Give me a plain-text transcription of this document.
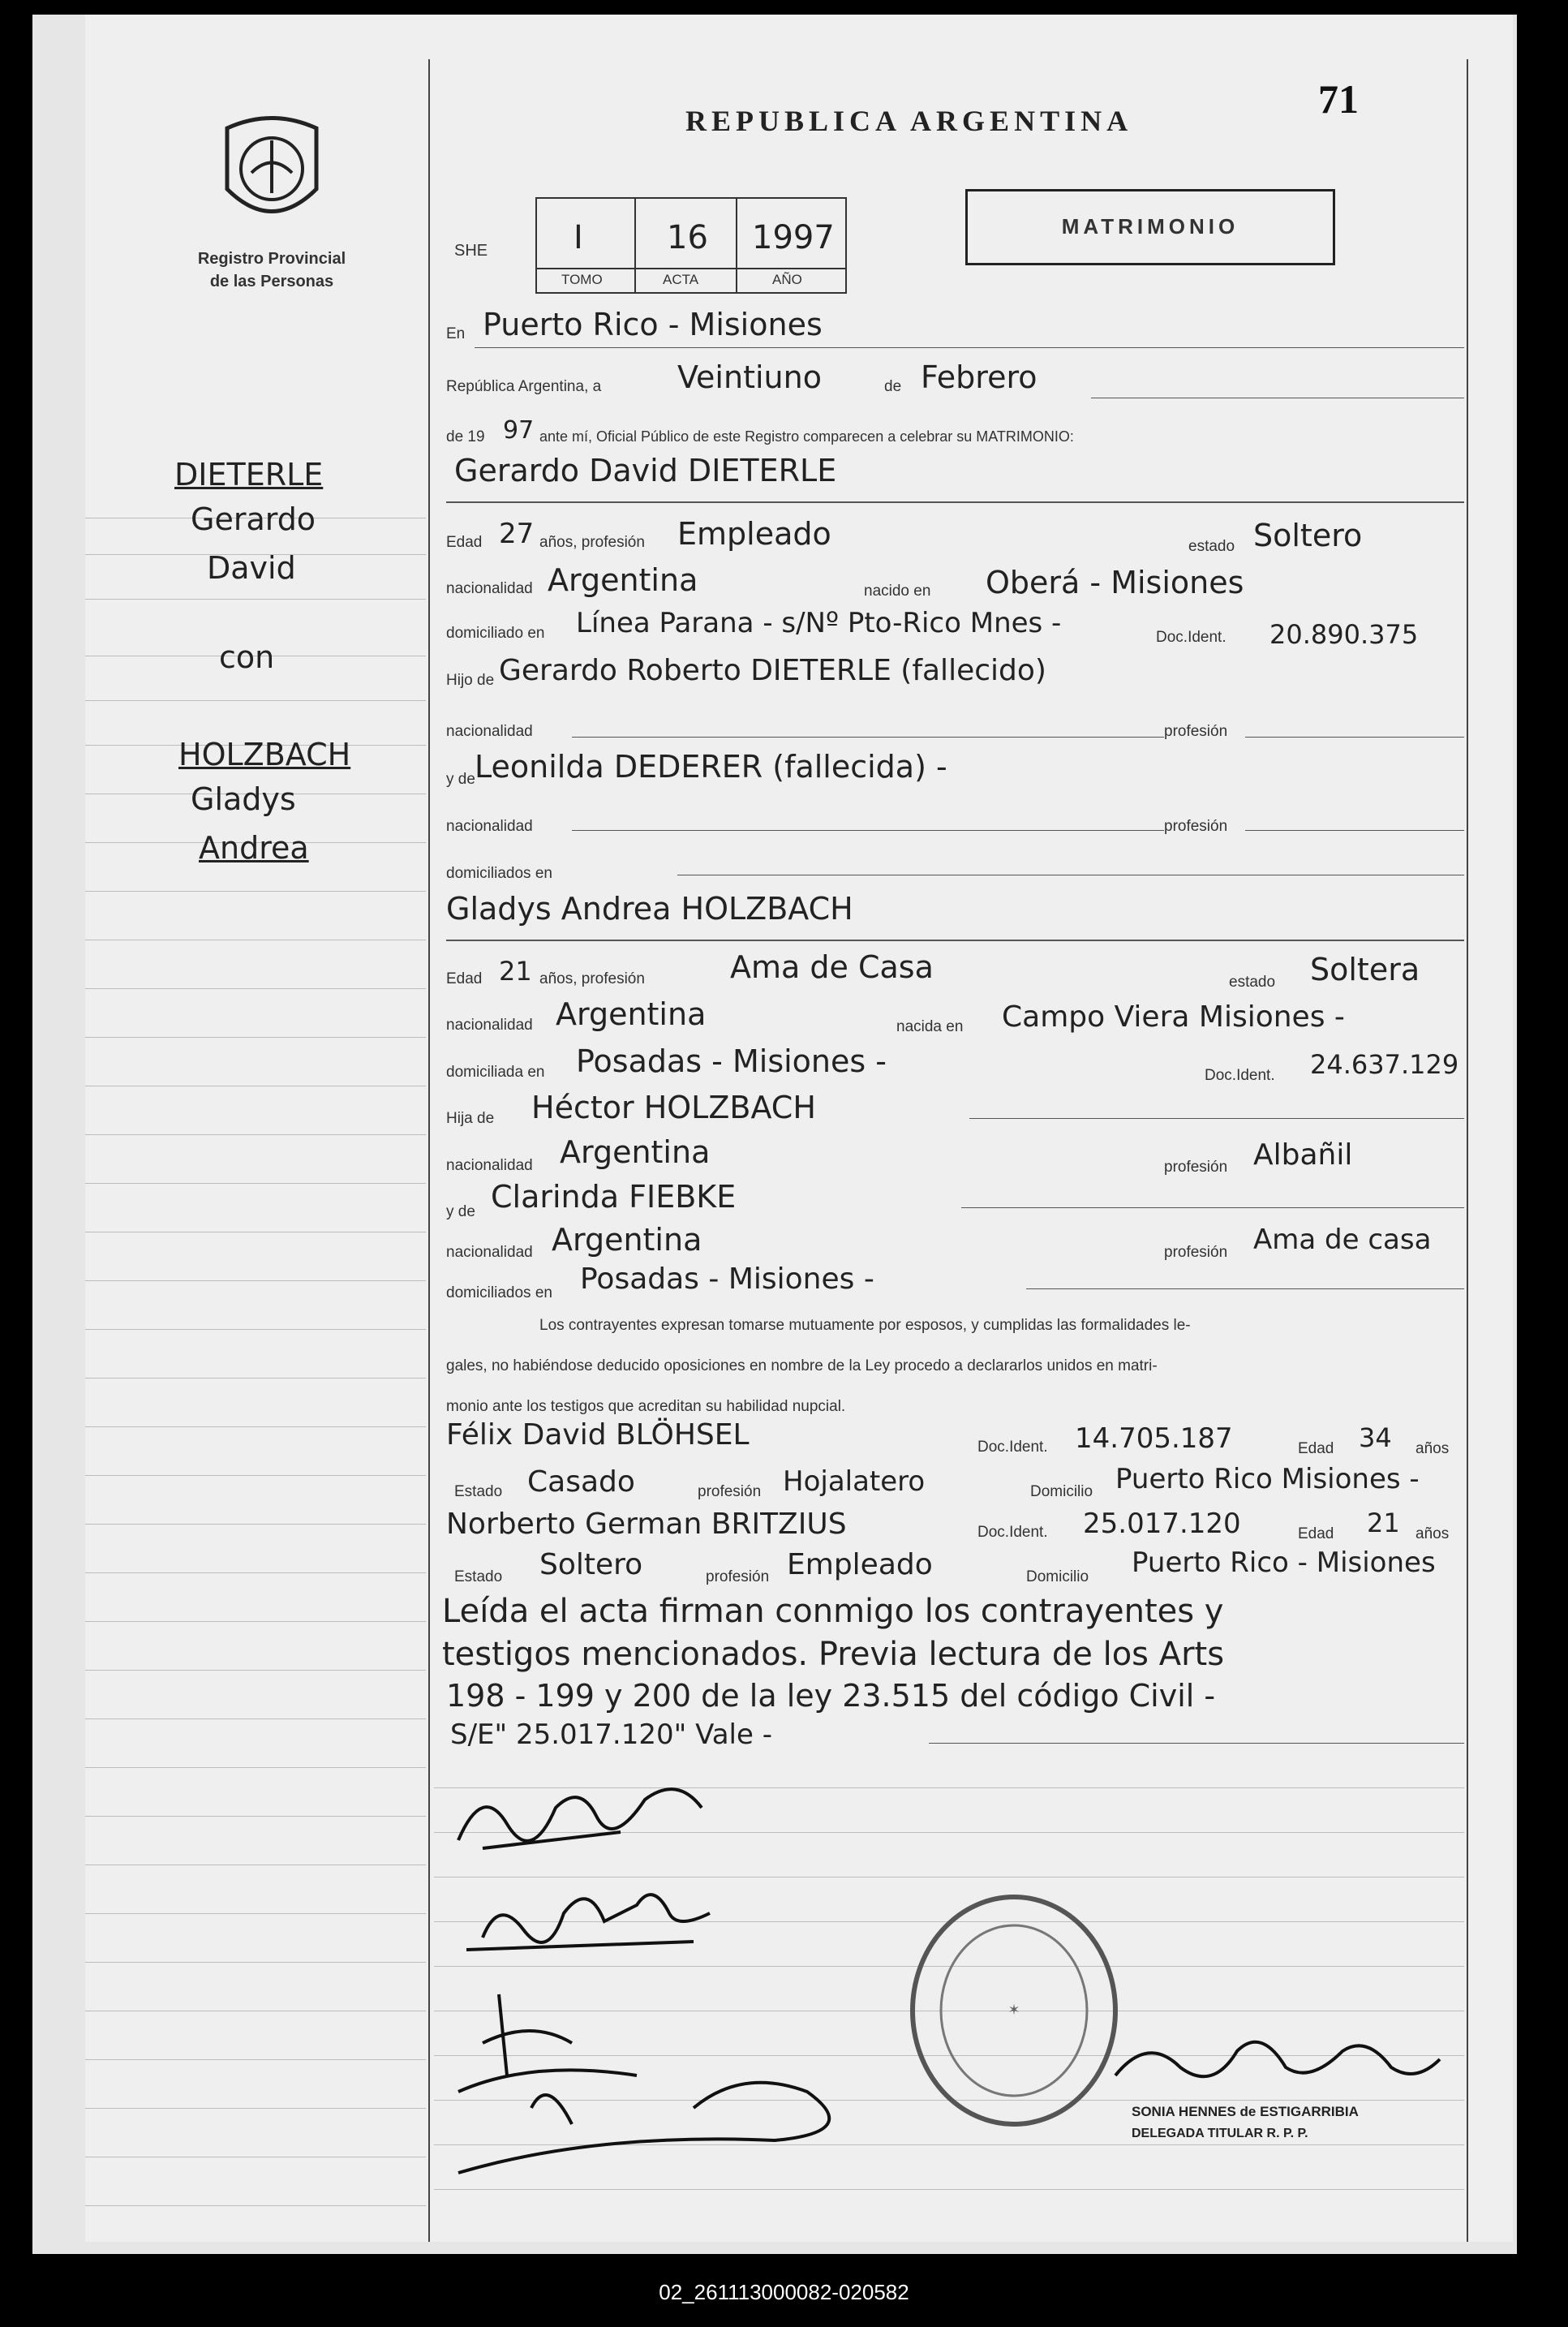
Registro Provincial
de las Personas
REPUBLICA ARGENTINA	71
SHE	I	16 1997
TOMO	ACTA	AÑO
MATRIMONIO
DIETERLE
Gerardo
David
con
HOLZBACH
Gladys
Andrea
En Puerto Rico - Misiones
República Argentina, a Veintiuno	de Febrero
de 19 97 ante mí, Oficial Público de este Registro comparecen a celebrar su MATRIMONIO:
Gerardo David DIETERLE
Edad 27 años, profesión Empleado	estado Soltero
nacionalidad Argentina	nacido en Oberá - Misiones
domiciliado en Línea Parana - s/Nº Pto-Rico Mnes -	Doc.Ident. 20.890.375
Hijo de Gerardo Roberto DIETERLE (fallecido)
nacionalidad	profesión
y de Leonilda DEDERER (fallecida) -
nacionalidad	profesión
domiciliados en
Gladys Andrea HOLZBACH
Edad 21 años, profesión	Ama de Casa	estado Soltera
nacionalidad Argentina	nacida en Campo Viera Misiones -
domiciliada en Posadas - Misiones -	Doc.Ident. 24.637.129
Hija de Héctor HOLZBACH
nacionalidad Argentina	profesión Albañil
y de Clarinda FIEBKE
nacionalidad Argentina	profesión Ama de casa
domiciliados en Posadas - Misiones -
Los contrayentes expresan tomarse mutuamente por esposos, y cumplidas las formalidades le-
gales, no habiéndose deducido oposiciones en nombre de la Ley procedo a declararlos unidos en matri-
monio ante los testigos que acreditan su habilidad nupcial.
Félix David BLÖHSEL	Doc.Ident. 14.705.187	Edad 34 años
Estado Casado	profesión Hojalatero	Domicilio Puerto Rico Misiones -
Norberto German BRITZIUS	Doc.Ident. 25.017.120	Edad 21 años
Estado Soltero	profesión Empleado	Domicilio Puerto Rico - Misiones
Leída el acta firman conmigo los contrayentes y
testigos mencionados. Previa lectura de los Arts
198 - 199 y 200 de la ley 23.515 del código Civil -
S/E" 25.017.120" Vale -
✶
SONIA HENNES de ESTIGARRIBIA
DELEGADA TITULAR R. P. P.
02_261113000082-020582
